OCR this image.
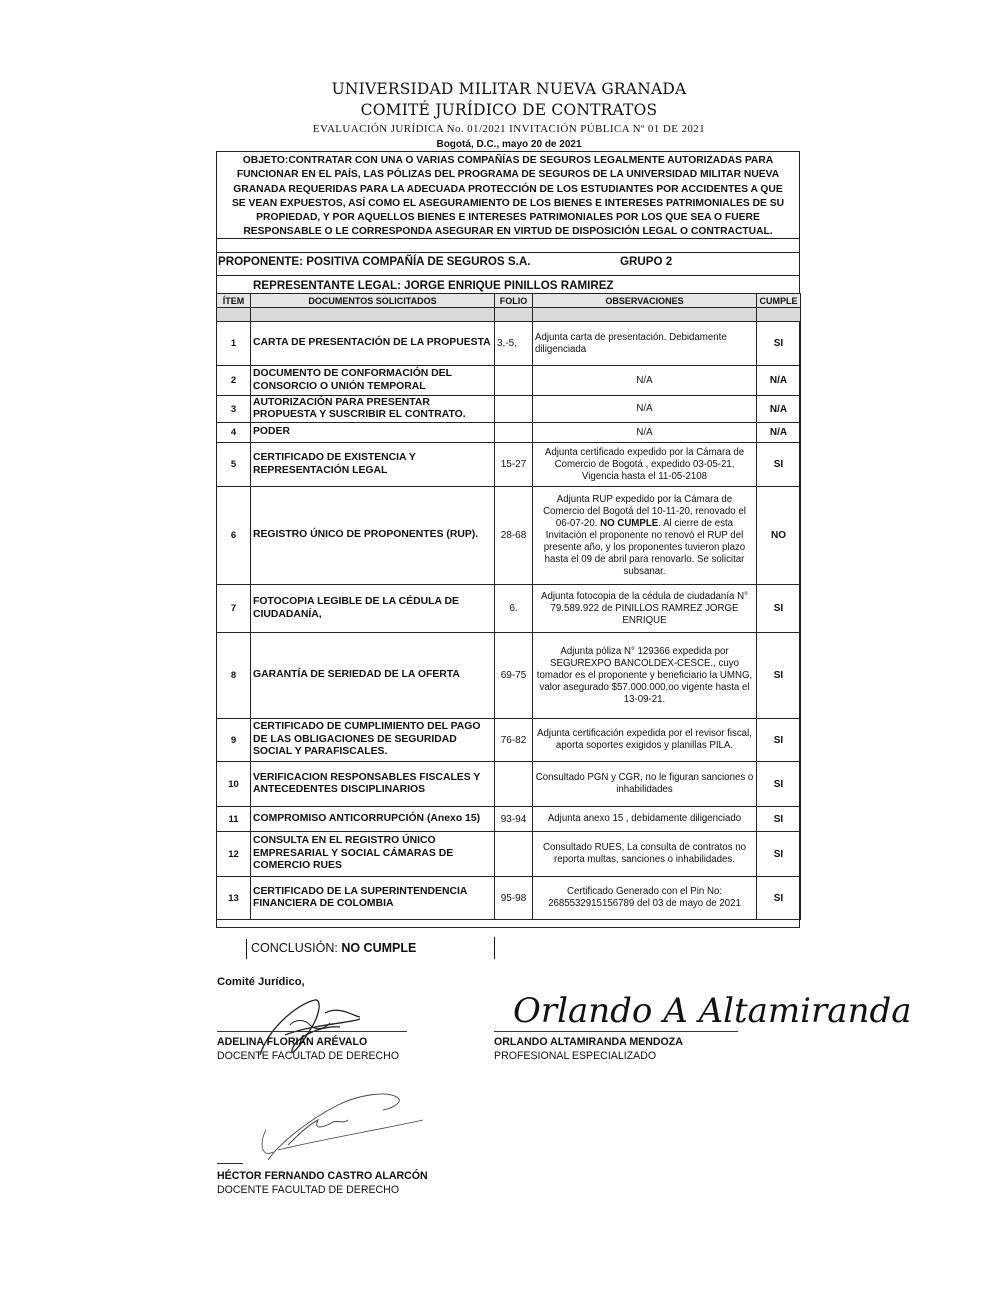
UNIVERSIDAD MILITAR NUEVA GRANADA
COMITÉ JURÍDICO DE CONTRATOS
EVALUACIÓN JURÍDICA No. 01/2021 INVITACIÓN PÚBLICA Nº 01 DE 2021
Bogotá, D.C., mayo 20 de 2021
OBJETO:CONTRATAR CON UNA O VARIAS COMPAÑÍAS DE SEGUROS LEGALMENTE AUTORIZADAS PARA
FUNCIONAR EN EL PAÍS, LAS PÓLIZAS DEL PROGRAMA DE SEGUROS DE LA UNIVERSIDAD MILITAR NUEVA
GRANADA REQUERIDAS PARA LA ADECUADA PROTECCIÓN DE LOS ESTUDIANTES POR ACCIDENTES A QUE
SE VEAN EXPUESTOS, ASÍ COMO EL ASEGURAMIENTO DE LOS BIENES E INTERESES PATRIMONIALES DE SU
PROPIEDAD, Y POR AQUELLOS BIENES E INTERESES PATRIMONIALES POR LOS QUE SEA O FUERE
RESPONSABLE O LE CORRESPONDA ASEGURAR EN VIRTUD DE DISPOSICIÓN LEGAL O CONTRACTUAL.
PROPONENTE: POSITIVA COMPAÑÍA DE SEGUROS S.A.	GRUPO 2
REPRESENTANTE LEGAL: JORGE ENRIQUE PINILLOS RAMIREZ
ÍTEM	DOCUMENTOS SOLICITADOS	FOLIO	OBSERVACIONES	CUMPLE

1	CARTA DE PRESENTACIÓN DE LA PROPUESTA	3,-5,	Adjunta carta de presentación. Debidamente diligenciada	SI
2	DOCUMENTO DE CONFORMACIÓN DEL CONSORCIO O UNIÓN TEMPORAL		N/A	N/A
3	AUTORIZACIÓN PARA PRESENTAR PROPUESTA Y SUSCRIBIR EL CONTRATO.		N/A	N/A
4	PODER		N/A	N/A
5	CERTIFICADO DE EXISTENCIA Y REPRESENTACIÓN LEGAL	15-27	Adjunta certificado expedido por la Cámara de Comercio de Bogotá , expedido 03-05-21, Vigencia hasta el 11-05-2108	SI
6	REGISTRO ÚNICO DE PROPONENTES (RUP).	28-68	Adjunta RUP expedido por la Cámara de Comercio del Bogotá del 10-11-20, renovado el 06-07-20. NO CUMPLE. Al cierre de esta Invitación el proponente no renovó el RUP del presente año, y los proponentes tuvieron plazo hasta el 09 de abril para renovarlo. Se solicitar subsanar.	NO
7	FOTOCOPIA LEGIBLE DE LA CÉDULA DE CIUDADANÍA,	6.	Adjunta fotocopia de la cédula de ciudadanía N° 79.589.922 de PINILLOS RAMREZ JORGE ENRIQUE	SI
8	GARANTÍA DE SERIEDAD DE LA OFERTA	69-75	Adjunta póliza N° 129366 expedida por SEGUREXPO BANCOLDEX-CESCE., cuyo tomador es el proponente y beneficiario la UMNG, valor asegurado $57.000.000,oo vigente hasta el 13-09-21.	SI
9	CERTIFICADO DE CUMPLIMIENTO DEL PAGO DE LAS OBLIGACIONES DE SEGURIDAD SOCIAL Y PARAFISCALES.	76-82	Adjunta certificación expedida por el revisor fiscal, aporta soportes exigidos y planillas PILA.	SI
10	VERIFICACION RESPONSABLES FISCALES Y ANTECEDENTES DISCIPLINARIOS		Consultado PGN y CGR, no le figuran sanciones o inhabilidades	SI
11	COMPROMISO ANTICORRUPCIÓN (Anexo 15)	93-94	Adjunta anexo 15 , debidamente diligenciado	SI
12	CONSULTA EN EL REGISTRO ÚNICO EMPRESARIAL Y SOCIAL CÁMARAS DE COMERCIO RUES		Consultado RUES, La consulta de contratos no reporta multas, sanciones o inhabilidades.	SI
13	CERTIFICADO DE LA SUPERINTENDENCIA FINANCIERA DE COLOMBIA	95-98	Certificado Generado con el Pin No: 2685532915156789 del 03 de mayo de 2021	SI
CONCLUSIÓN: NO CUMPLE
Comité Jurídico,
ADELINA FLORIÁN ARÉVALO
DOCENTE FACULTAD DE DERECHO
Orlando A Altamiranda
ORLANDO ALTAMIRANDA MENDOZA
PROFESIONAL ESPECIALIZADO
HÉCTOR FERNANDO CASTRO ALARCÓN
DOCENTE FACULTAD DE DERECHO
